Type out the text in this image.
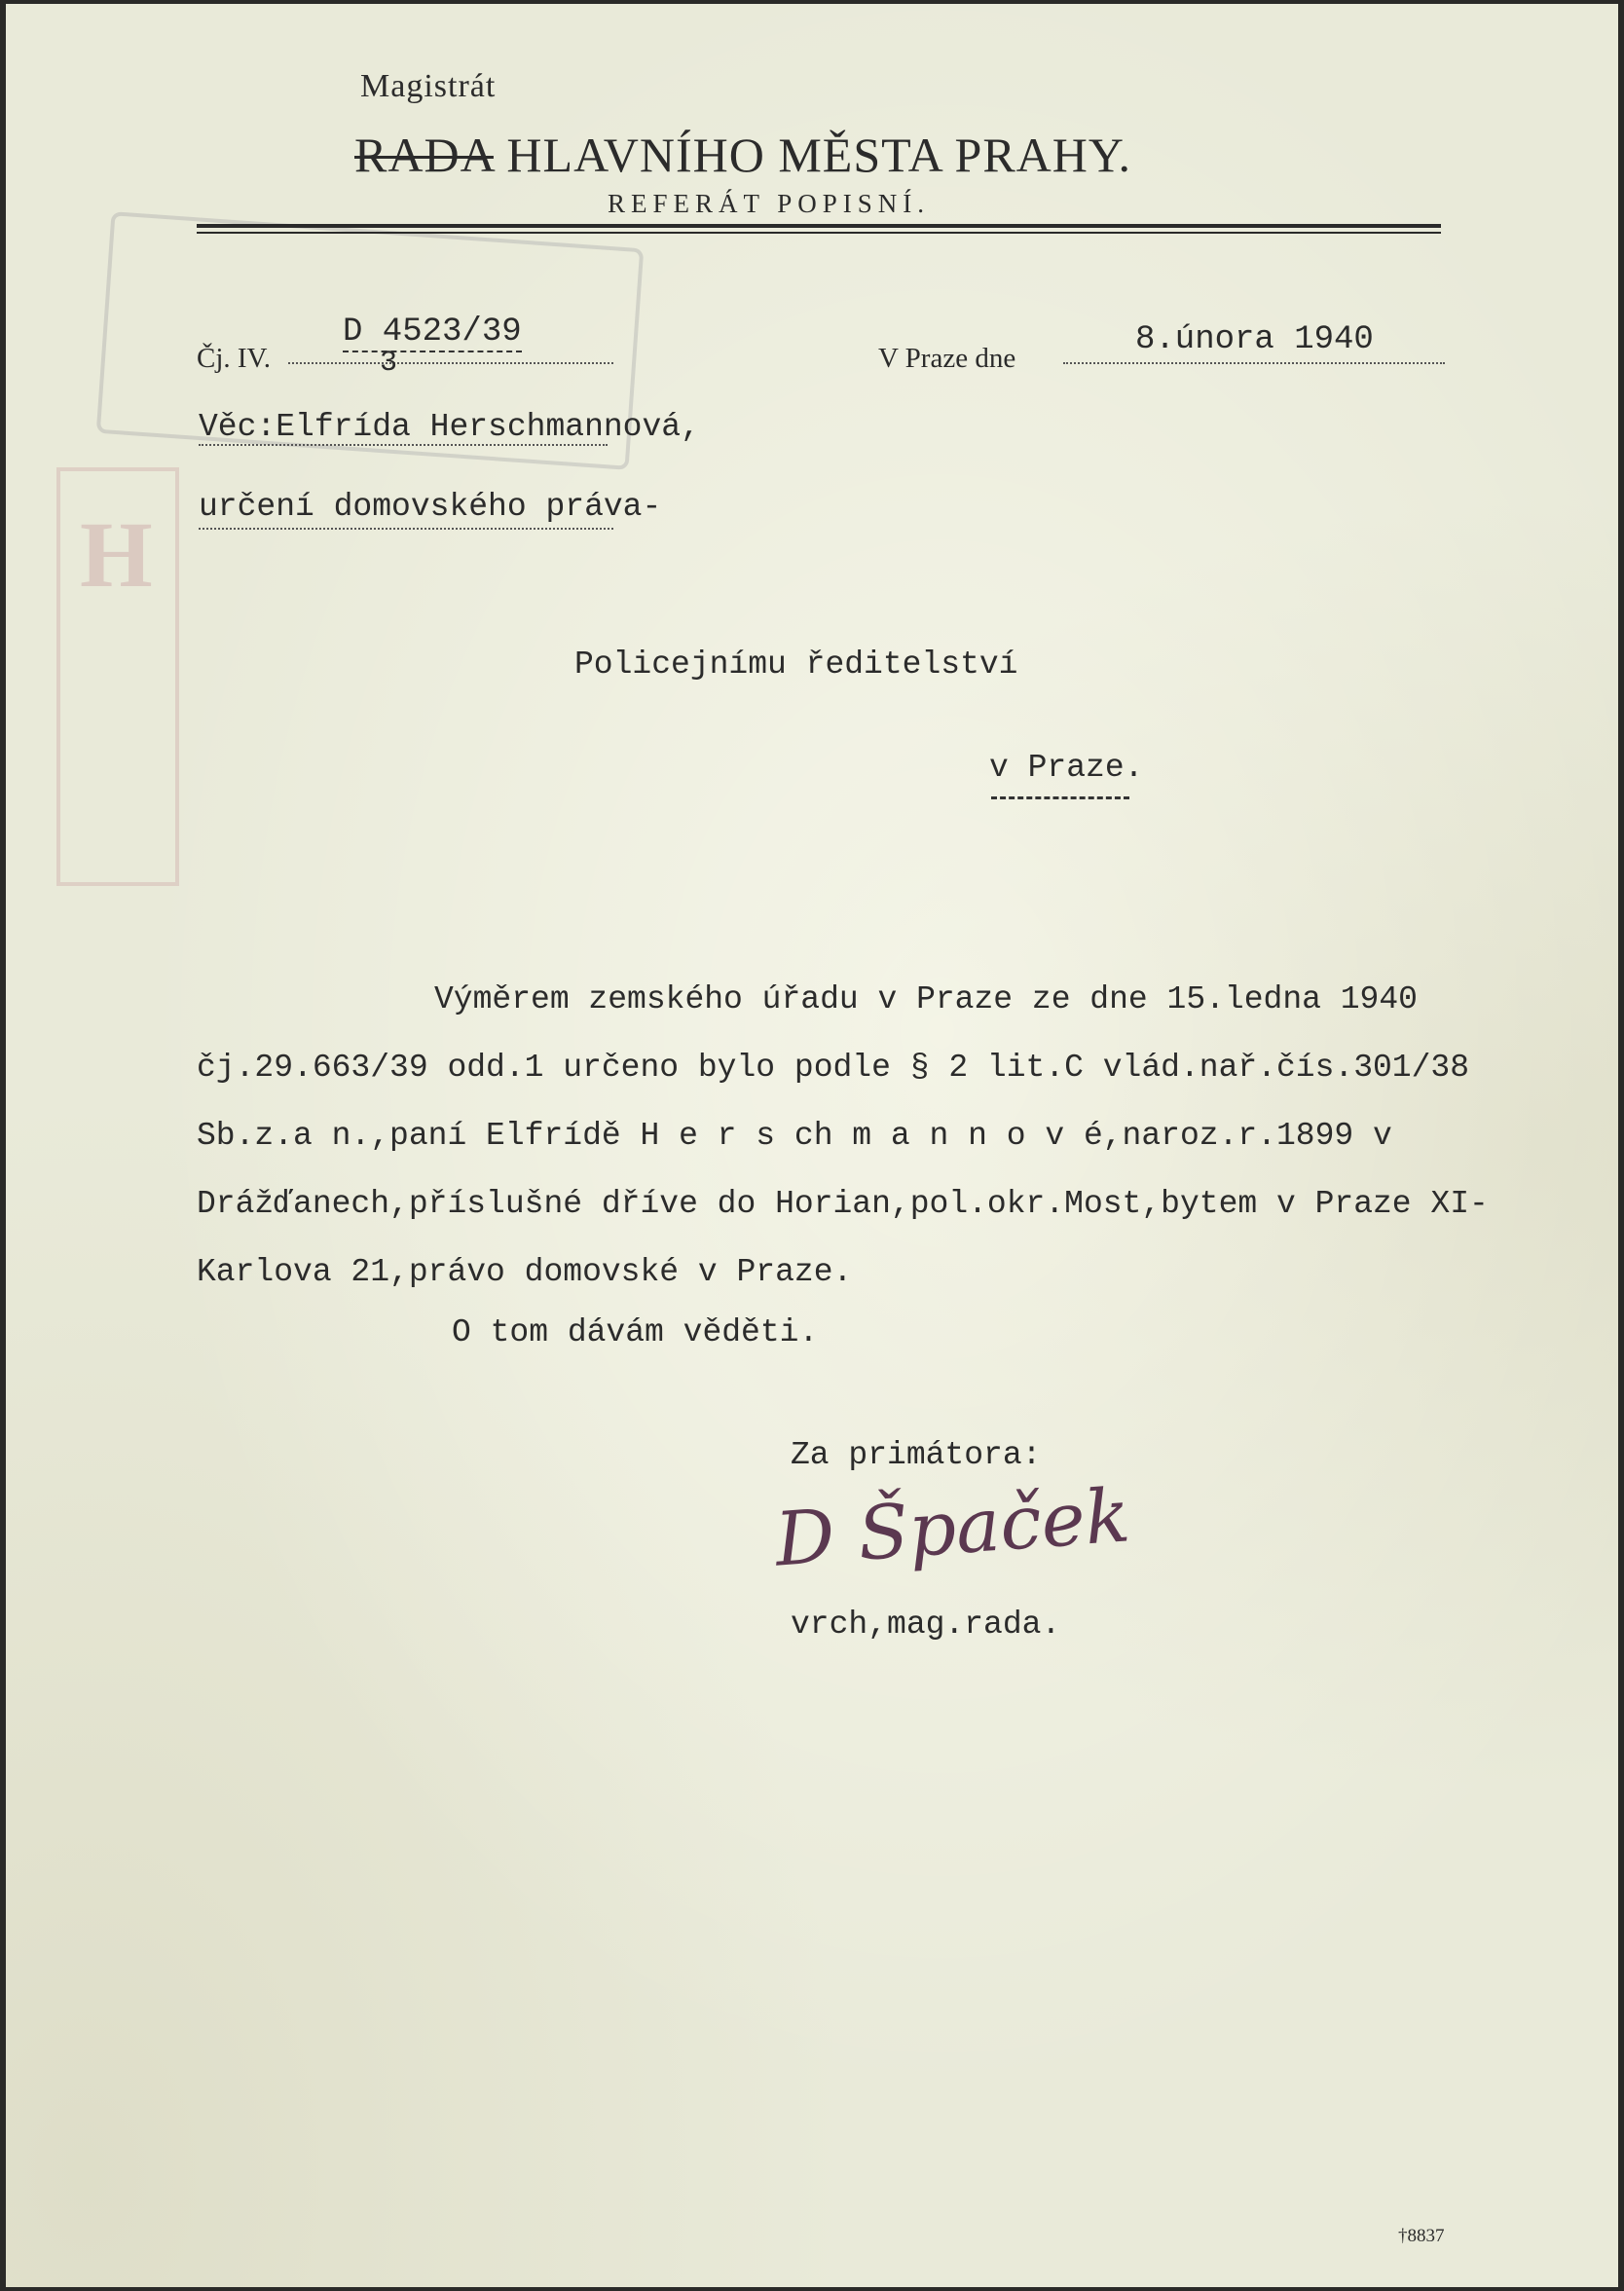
H
Magistrát
RADA HLAVNÍHO MĚSTA PRAHY.
REFERÁT POPISNÍ.
Čj. IV.
D 4523/39
3	V Praze dne	8.února 1940
Věc:Elfrída Herschmannová,
určení domovského práva-
Policejnímu ředitelství
v Praze.
Výměrem zemského úřadu v Praze ze dne 15.ledna 1940
čj.29.663/39 odd.1 určeno bylo podle § 2 lit.C vlád.nař.čís.301/38
Sb.z.a n.,paní Elfrídě H e r s ch m a n n o v é,naroz.r.1899 v
Drážďanech,příslušné dříve do Horian,pol.okr.Most,bytem v Praze XI-
Karlova 21,právo domovské v Praze.
O tom dávám věděti.
Za primátora:
D Špaček
vrch,mag.rada.
†8837
